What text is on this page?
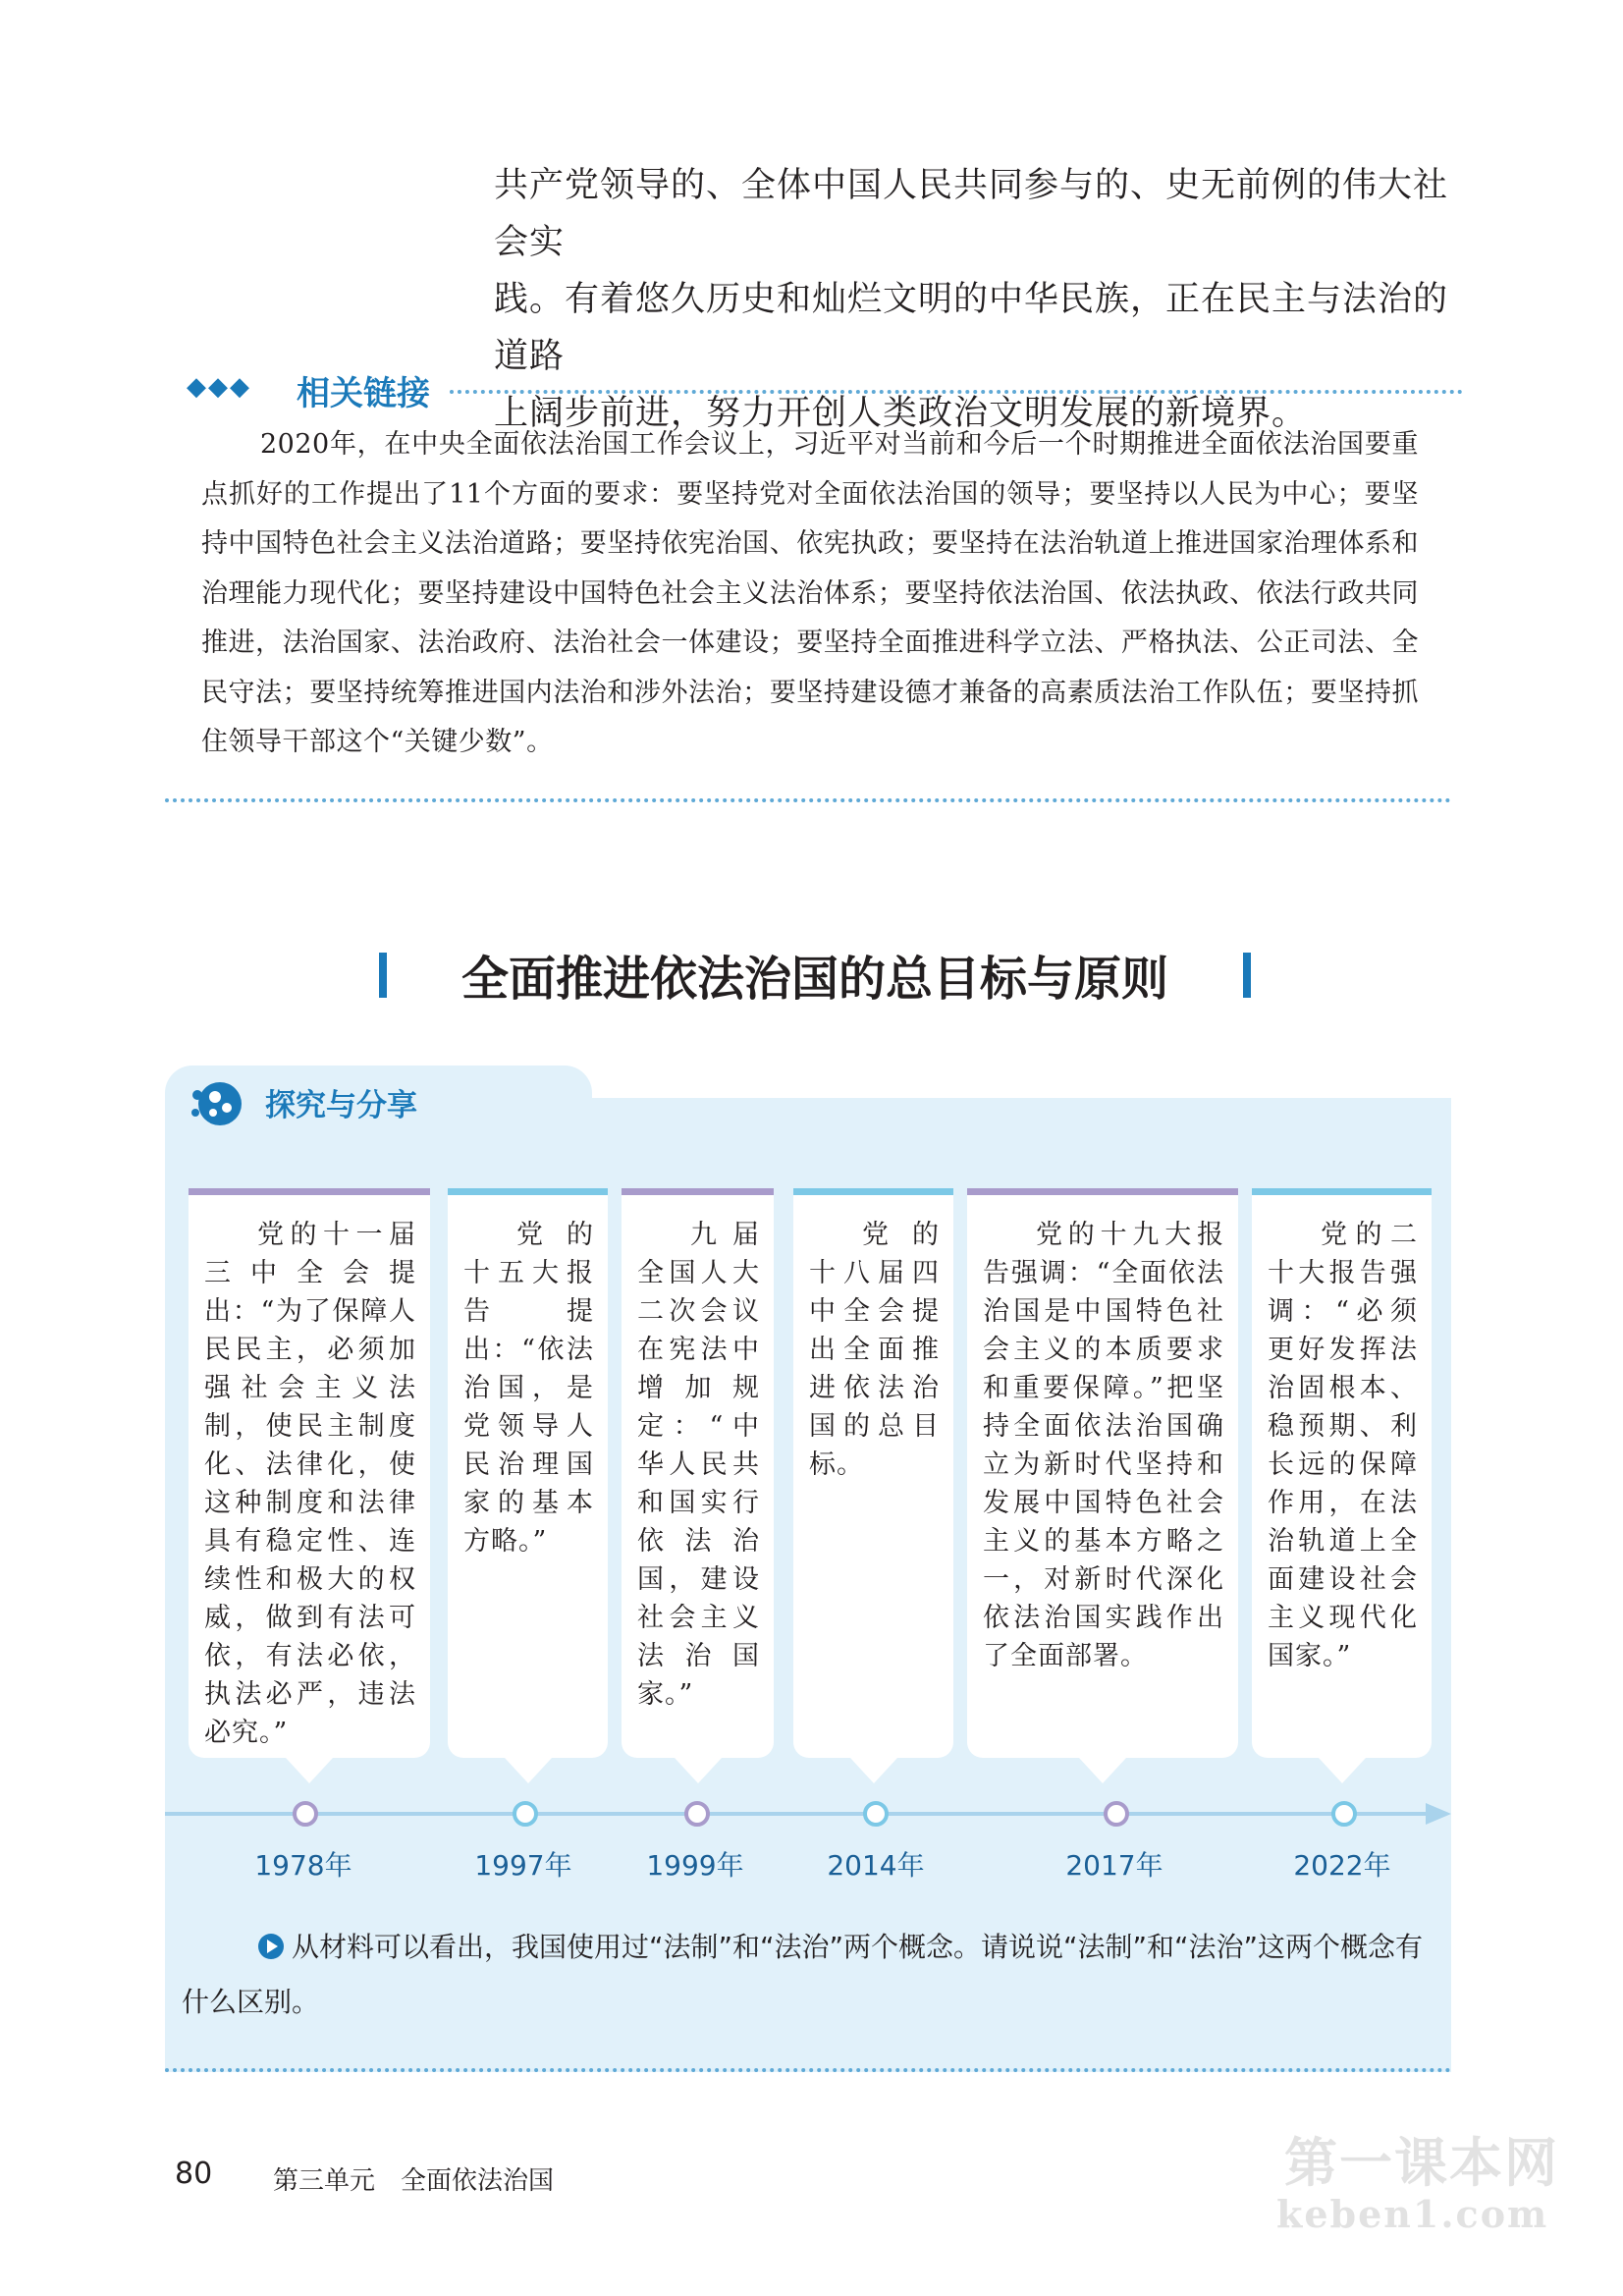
共产党领导的、全体中国人民共同参与的、史无前例的伟大社会实

践。有着悠久历史和灿烂文明的中华民族，正在民主与法治的道路

上阔步前进，努力开创人类政治文明发展的新境界。

◆◆◆ 相关链接

2020年，在中央全面依法治国工作会议上，习近平对当前和今后一个时期推进全面依法治国要重点抓好的工作提出了11个方面的要求：要坚持党对全面依法治国的领导；要坚持以人民为中心；要坚持中国特色社会主义法治道路；要坚持依宪治国、依宪执政；要坚持在法治轨道上推进国家治理体系和治理能力现代化；要坚持建设中国特色社会主义法治体系；要坚持依法治国、依法执政、依法行政共同推进，法治国家、法治政府、法治社会一体建设；要坚持全面推进科学立法、严格执法、公正司法、全民守法；要坚持统筹推进国内法治和涉外法治；要坚持建设德才兼备的高素质法治工作队伍；要坚持抓住领导干部这个“关键少数”。

全面推进依法治国的总目标与原则
探究与分享
党的十一届三中全会提出：“为了保障人民民主，必须加强社会主义法制，使民主制度化、法律化，使这种制度和法律具有稳定性、连续性和极大的权威，做到有法可依，有法必依，执法必严，违法必究。”
党的十五大报告提出：“依法治国，是党领导人民治理国家的基本方略。”
九届全国人大二次会议在宪法中增加规定：“中华人民共和国实行依法治国，建设社会主义法治国家。”
党的十八届四中全会提出全面推进依法治国的总目标。
党的十九大报告强调：“全面依法治国是中国特色社会主义的本质要求和重要保障。”把坚持全面依法治国确立为新时代坚持和发展中国特色社会主义的基本方略之一，对新时代深化依法治国实践作出了全面部署。
党的二十大报告强调：“必须更好发挥法治固根本、稳预期、利长远的保障作用，在法治轨道上全面建设社会主义现代化国家。”
1978年	1997年	1999年	2014年	2017年	2022年
从材料可以看出，我国使用过“法制”和“法治”两个概念。请说说“法制”和“法治”这两个概念有什么区别。
80 第三单元　全面依法治国	第一课本网
keben1.com
